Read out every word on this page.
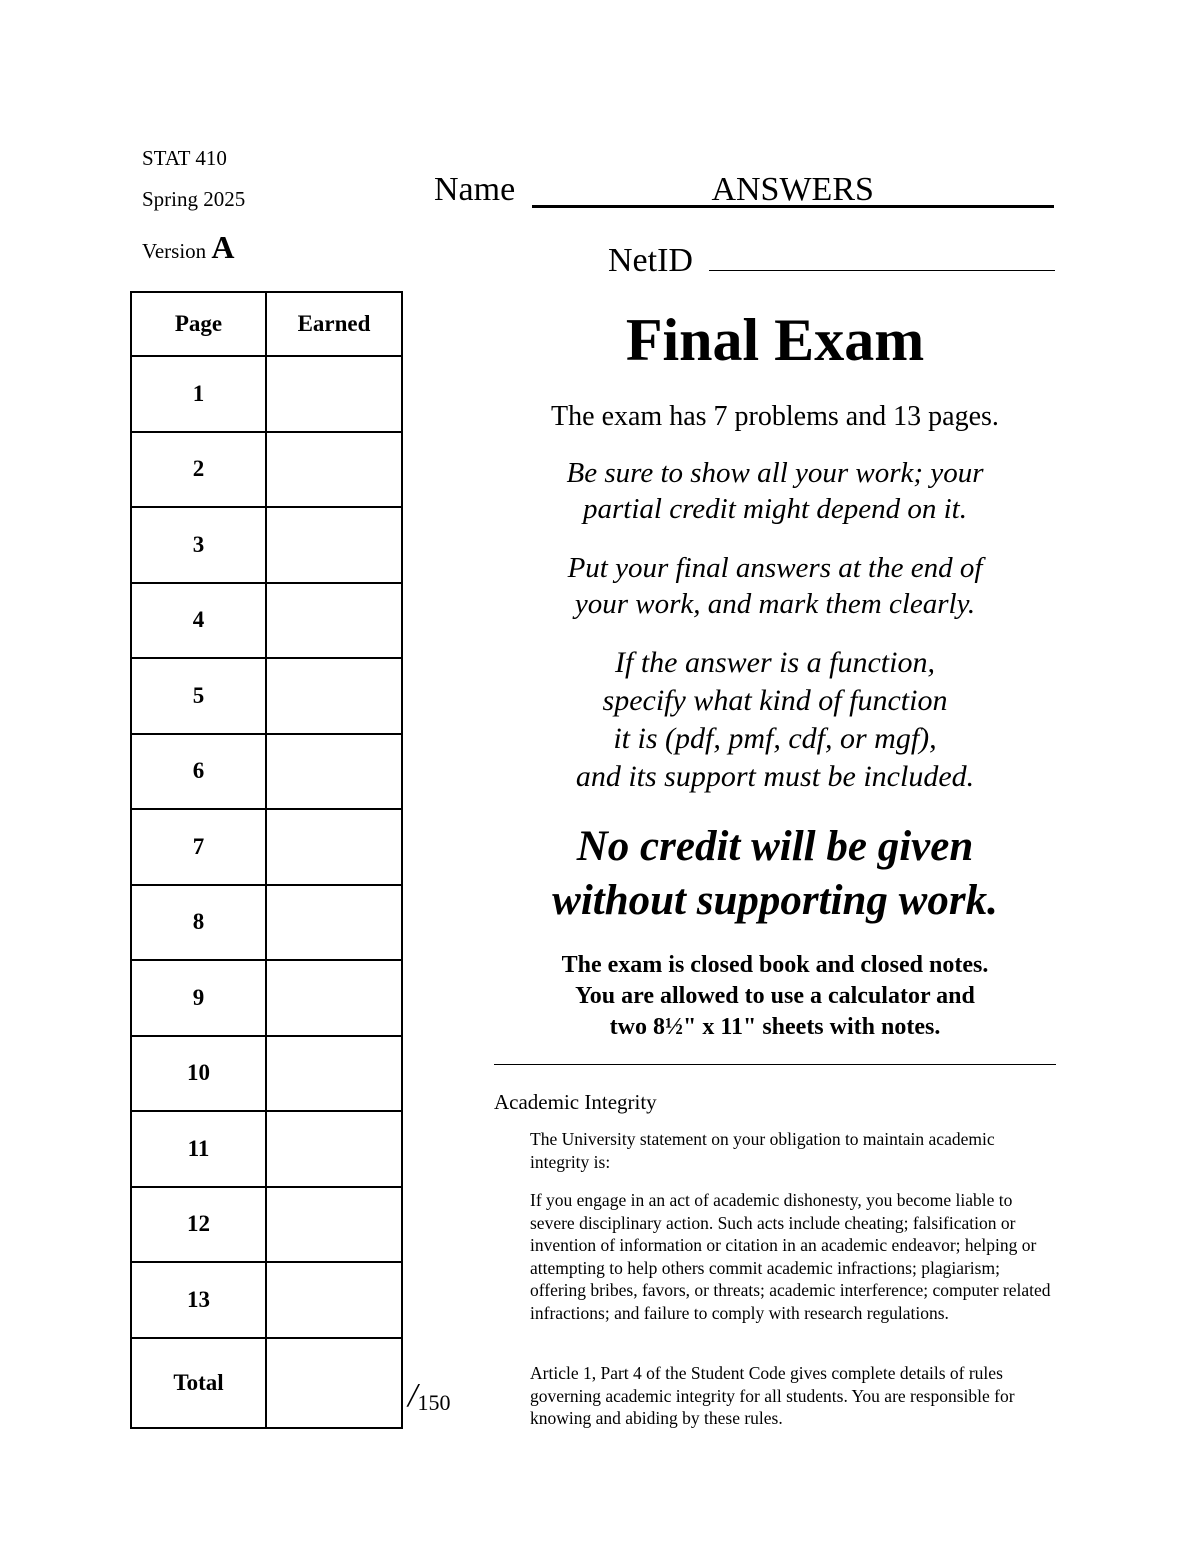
STAT 410
Spring 2025
Version A
Name	ANSWERS
NetID
Page	Earned
1	
2	
3	
4	
5	
6	
7	
8	
9	
10	
11	
12	
13	
Total		/150
Final Exam
The exam has 7 problems and 13 pages.
Be sure to show all your work; your
partial credit might depend on it.
Put your final answers at the end of
your work, and mark them clearly.
If the answer is a function,
specify what kind of function
it is (pdf, pmf, cdf, or mgf),
and its support must be included.
No credit will be given
without supporting work.
The exam is closed book and closed notes.
You are allowed to use a calculator and
two 8½" x 11" sheets with notes.
Academic Integrity
The University statement on your obligation to maintain academic integrity is:
If you engage in an act of academic dishonesty, you become liable to severe disciplinary action. Such acts include cheating; falsification or invention of information or citation in an academic endeavor; helping or attempting to help others commit academic infractions; plagiarism; offering bribes, favors, or threats; academic interference; computer related infractions; and failure to comply with research regulations.
Article 1, Part 4 of the Student Code gives complete details of rules governing academic integrity for all students. You are responsible for knowing and abiding by these rules.
